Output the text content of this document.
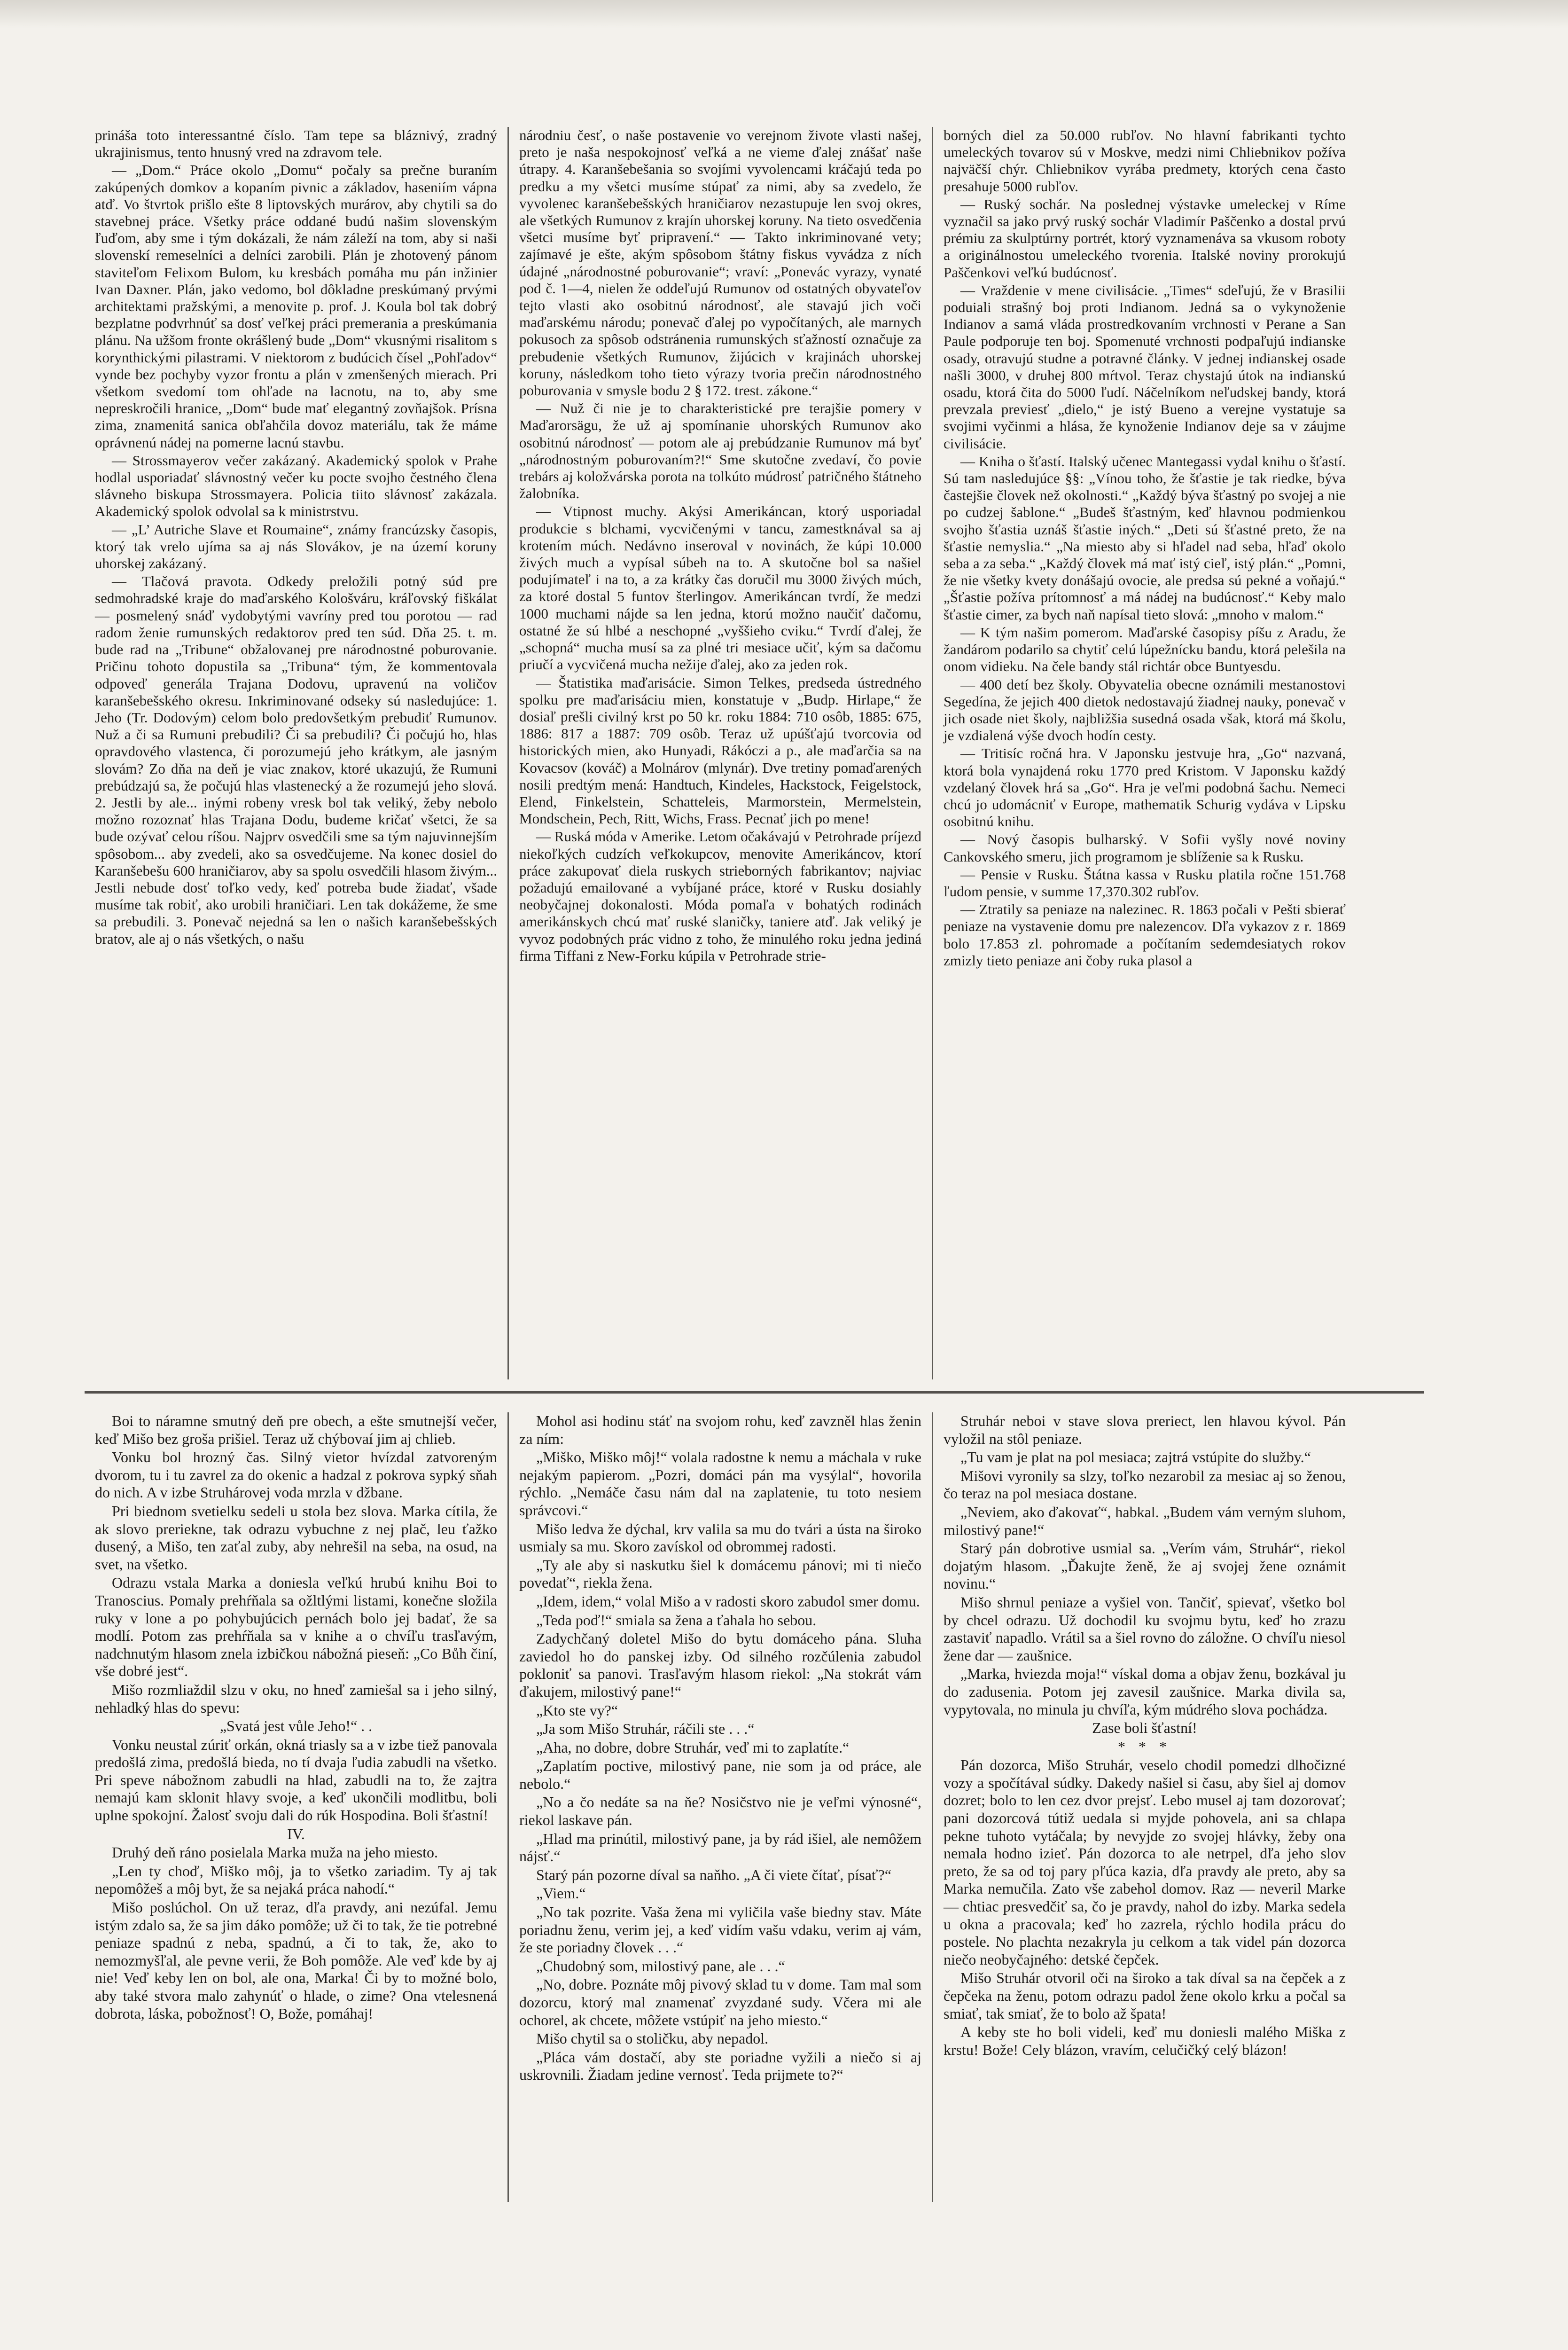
prináša toto interessantné číslo. Tam tepe sa bláznivý, zradný ukrajinismus, tento hnusný vred na zdravom tele.

— „Dom.“ Práce okolo „Domu“ počaly sa prečne buraním zakúpených domkov a kopaním pivnic a základov, haseniím vápna atď. Vo štvrtok prišlo ešte 8 liptovských murárov, aby chytili sa do stavebnej práce. Všetky práce oddané budú našim slovenským ľuďom, aby sme i tým dokázali, že nám záleží na tom, aby si naši slovenskí remeselníci a delníci zarobili. Plán je zhotovený pánom staviteľom Felixom Bulom, ku kresbách pomáha mu pán inžinier Ivan Daxner. Plán, jako vedomo, bol dôkladne preskúmaný prvými architektami pražskými, a menovite p. prof. J. Koula bol tak dobrý bezplatne podvrhnúť sa dosť veľkej práci premerania a preskúmania plánu. Na užšom fronte okrášlený bude „Dom“ vkusnými risalitom s korynthickými pilastrami. V niektorom z budúcich čísel „Pohľadov“ vynde bez pochyby vyzor frontu a plán v zmenšených mierach. Pri všetkom svedomí tom ohľade na lacnotu, na to, aby sme nepreskročili hranice, „Dom“ bude mať elegantný zovňajšok. Prísna zima, znamenitá sanica obľahčila dovoz materiálu, tak že máme oprávnenú nádej na pomerne lacnú stavbu.

— Strossmayerov večer zakázaný. Akademický spolok v Prahe hodlal usporiadať slávnostný večer ku pocte svojho čestného člena slávneho biskupa Strossmayera. Policia tiito slávnosť zakázala. Akademický spolok odvolal sa k ministrstvu.

— „L’ Autriche Slave et Roumaine“, známy francúzsky časopis, ktorý tak vrelo ujíma sa aj nás Slovákov, je na území koruny uhorskej zakázaný.

— Tlačová pravota. Odkedy preložili potný súd pre sedmohradské kraje do maďarského Kološváru, kráľovský fiškálat — posmelený snáď vydobytými vavríny pred tou porotou — rad radom ženie rumunských redaktorov pred ten súd. Dňa 25. t. m. bude rad na „Tribune“ obžalovanej pre národnostné poburovanie. Pričinu tohoto dopustila sa „Tribuna“ tým, že kommentovala odpoveď generála Trajana Dodovu, upravenú na voličov karanšebešského okresu. Inkriminované odseky sú nasledujúce: 1. Jeho (Tr. Dodovým) celom bolo predovšetkým prebudiť Rumunov. Nuž a či sa Rumuni prebudili? Či sa prebudili? Či počujú ho, hlas opravdového vlastenca, či porozumejú jeho krátkym, ale jasným slovám? Zo dňa na deň je viac znakov, ktoré ukazujú, že Rumuni prebúdzajú sa, že počujú hlas vlastenecký a že rozumejú jeho slová. 2. Jestli by ale... inými robeny vresk bol tak veliký, žeby nebolo možno rozoznať hlas Trajana Dodu, budeme kričať všetci, že sa bude ozývať celou ríšou. Najprv osvedčili sme sa tým najuvinnejším spôsobom... aby zvedeli, ako sa osvedčujeme. Na konec dosiel do Karanšebešu 600 hraničiarov, aby sa spolu osvedčili hlasom živým... Jestli nebude dosť toľko vedy, keď potreba bude žiadať, všade musíme tak robiť, ako urobili hraničiari. Len tak dokážeme, že sme sa prebudili. 3. Ponevač nejedná sa len o našich karanšebešských bratov, ale aj o nás všetkých, o našu

národniu česť, o naše postavenie vo verejnom živote vlasti našej, preto je naša nespokojnosť veľká a ne vieme ďalej znášať naše útrapy. 4. Karanšebešania so svojími vyvolencami kráčajú teda po predku a my všetci musíme stúpať za nimi, aby sa zvedelo, že vyvolenec karanšebešských hraničiarov nezastupuje len svoj okres, ale všetkých Rumunov z krajín uhorskej koruny. Na tieto osvedčenia všetci musíme byť pripravení.“ — Takto inkriminované vety; zajímavé je ešte, akým spôsobom štátny fiskus vyvádza z ních údajné „národnostné poburovanie“; vraví: „Ponevác vyrazy, vynaté pod č. 1—4, nielen že oddeľujú Rumunov od ostatných obyvateľov tejto vlasti ako osobitnú národnosť, ale stavajú jich voči maďarskému národu; ponevač ďalej po vypočítaných, ale marnych pokusoch za spôsob odstránenia rumunských sťažností označuje za prebudenie všetkých Rumunov, žijúcich v krajinách uhorskej koruny, následkom toho tieto výrazy tvoria prečin národnostného poburovania v smysle bodu 2 § 172. trest. zákone.“

— Nuž či nie je to charakteristické pre terajšie pomery v Maďarorsägu, že už aj spomínanie uhorských Rumunov ako osobitnú národnosť — potom ale aj prebúdzanie Rumunov má byť „národnostným poburovaním?!“ Sme skutočne zvedaví, čo povie trebárs aj koložvárska porota na tolkúto múdrosť patričného štátneho žalobníka.

— Vtipnost muchy. Akýsi Amerikáncan, ktorý usporiadal produkcie s blchami, vycvičenými v tancu, zamestknával sa aj krotením múch. Nedávno inseroval v novinách, že kúpi 10.000 živých much a vypísal súbeh na to. A skutočne bol sa našiel podujímateľ i na to, a za krátky čas doručil mu 3000 živých múch, za ktoré dostal 5 funtov šterlingov. Amerikáncan tvrdí, že medzi 1000 muchami nájde sa len jedna, ktorú možno naučiť dačomu, ostatné že sú hlbé a neschopné „vyššieho cviku.“ Tvrdí ďalej, že „schopná“ mucha musí sa za plné tri mesiace učiť, kým sa dačomu priučí a vycvičená mucha nežije ďalej, ako za jeden rok.

— Štatistika maďarisácie. Simon Telkes, predseda ústredného spolku pre maďarisáciu mien, konstatuje v „Budp. Hirlape,“ že dosiaľ prešli civilný krst po 50 kr. roku 1884: 710 osôb, 1885: 675, 1886: 817 a 1887: 709 osôb. Teraz už upúšťajú tvorcovia od historických mien, ako Hunyadi, Rákóczi a p., ale maďarčia sa na Kovacsov (kováč) a Molnárov (mlynár). Dve tretiny pomaďarených nosili predtým mená: Handtuch, Kindeles, Hackstock, Feigelstock, Elend, Finkelstein, Schatteleis, Marmorstein, Mermelstein, Mondschein, Pech, Ritt, Wichs, Frass. Pecnať jich po mene!

— Ruská móda v Amerike. Letom očakávajú v Petrohrade príjezd niekoľkých cudzích veľkokupcov, menovite Amerikáncov, ktorí práce zakupovať diela ruskych strieborných fabrikantov; najviac požadujú emailované a vybíjané práce, ktoré v Rusku dosiahly neobyčajnej dokonalosti. Móda pomaľa v bohatých rodinách amerikánskych chcú mať ruské slaničky, taniere atď. Jak veliký je vyvoz podobných prác vidno z toho, že minulého roku jedna jediná firma Tiffani z New-Forku kúpila v Petrohrade strie-

borných diel za 50.000 rubľov. No hlavní fabrikanti tychto umeleckých tovarov sú v Moskve, medzi nimi Chliebnikov požíva najväčší chýr. Chliebnikov vyrába predmety, ktorých cena často presahuje 5000 rubľov.

— Ruský sochár. Na poslednej výstavke umeleckej v Ríme vyznačil sa jako prvý ruský sochár Vladimír Paščenko a dostal prvú prémiu za skulptúrny portrét, ktorý vyznamenáva sa vkusom roboty a originálnostou umeleckého tvorenia. Italské noviny prorokujú Paščenkovi veľkú budúcnosť.

— Vraždenie v mene civilisácie. „Times“ sdeľujú, že v Brasilii poduiali strašný boj proti Indianom. Jedná sa o vykynoženie Indianov a samá vláda prostredkovaním vrchnosti v Perane a San Paule podporuje ten boj. Spomenuté vrchnosti podpaľujú indianske osady, otravujú studne a potravné články. V jednej indianskej osade našli 3000, v druhej 800 mŕtvol. Teraz chystajú útok na indianskú osadu, ktorá čita do 5000 ľudí. Náčelníkom neľudskej bandy, ktorá prevzala previesť „dielo,“ je istý Bueno a verejne vystatuje sa svojimi vyčinmi a hlása, že kynoženie Indianov deje sa v záujme civilisácie.

— Kniha o šťastí. Italský učenec Mantegassi vydal knihu o šťastí. Sú tam nasledujúce §§: „Vínou toho, že šťastie je tak riedke, býva častejšie človek než okolnosti.“ „Každý býva šťastný po svojej a nie po cudzej šablone.“ „Budeš šťastným, keď hlavnou podmienkou svojho šťastia uznáš šťastie iných.“ „Deti sú šťastné preto, že na šťastie nemyslia.“ „Na miesto aby si hľadel nad seba, hľaď okolo seba a za seba.“ „Každý človek má mať istý cieľ, istý plán.“ „Pomni, že nie všetky kvety donášajú ovocie, ale predsa sú pekné a voňajú.“ „Šťastie požíva prítomnosť a má nádej na budúcnosť.“ Keby malo šťastie cimer, za bych naň napísal tieto slová: „mnoho v malom.“

— K tým našim pomerom. Maďarské časopisy píšu z Aradu, že žandárom podarilo sa chytiť celú lúpežnícku bandu, ktorá pelešila na onom vidieku. Na čele bandy stál richtár obce Buntyesdu.

— 400 detí bez školy. Obyvatelia obecne oznámili mestanostovi Segedína, že jejich 400 dietok nedostavajú žiadnej nauky, ponevač v jich osade niet školy, najbližšia susedná osada však, ktorá má školu, je vzdialená výše dvoch hodín cesty.

— Tritisíc ročná hra. V Japonsku jestvuje hra, „Go“ nazvaná, ktorá bola vynajdená roku 1770 pred Kristom. V Japonsku každý vzdelaný človek hrá sa „Go“. Hra je veľmi podobná šachu. Nemeci chcú jo udomácniť v Europe, mathematik Schurig vydáva v Lipsku osobitnú knihu.

— Nový časopis bulharský. V Sofii vyšly nové noviny Cankovského smeru, jich programom je sblíženie sa k Rusku.

— Pensie v Rusku. Štátna kassa v Rusku platila ročne 151.768 ľudom pensie, v summe 17,370.302 rubľov.

— Ztratily sa peniaze na nalezinec. R. 1863 počali v Pešti sbierať peniaze na vystavenie domu pre nalezencov. Dľa vykazov z r. 1869 bolo 17.853 zl. pohromade a počítaním sedemdesiatych rokov zmizly tieto peniaze ani čoby ruka plasol a

Boi to náramne smutný deň pre obech, a ešte smutnejší večer, keď Mišo bez groša prišiel. Teraz už chýbovaí jim aj chlieb.

Vonku bol hrozný čas. Silný vietor hvízdal zatvoreným dvorom, tu i tu zavrel za do okenic a hadzal z pokrova sypký sňah do nich. A v izbe Struhárovej voda mrzla v džbane.

Pri biednom svetielku sedeli u stola bez slova. Marka cítila, že ak slovo prerieknе, tak odrazu vybuchne z nej plač, leu ťažko dusený, a Mišo, ten zaťal zuby, aby nehrešil na seba, na osud, na svet, na všetko.

Odrazu vstala Marka a doniesla veľkú hrubú knihu Boi to Tranoscius. Pomaly prehŕňala sa ožltlými listami, konečne složila ruky v lone a po pohybujúcich pernách bolo jej badať, že sa modlí. Potom zas prehŕňala sa v knihe a o chvíľu trasľavým, nadchnutým hlasom znela izbičkou nábožná pieseň: „Co Bůh činí, vše dobré jest“.

Mišo rozmliaždil slzu v oku, no hneď zamiešal sa i jeho silný, nehladký hlas do spevu:

„Svatá jest vůle Jeho!“ . .

Vonku neustal zúriť orkán, okná triasly sa a v izbe tiež panovala predošlá zima, predošlá bieda, no tí dvaja ľudia zabudli na všetko. Pri speve nábožnom zabudli na hlad, zabudli na to, že zajtra nemajú kam sklonit hlavy svoje, a keď ukončili modlitbu, boli uplne spokojní. Žalosť svoju dali do rúk Hospodina. Boli šťastní!

IV.

Druhý deň ráno posielala Marka muža na jeho miesto.

„Len ty choď, Miško môj, ja to všetko zariadim. Ty aj tak nepomôžeš a môj byt, že sa nejaká práca nahodí.“

Mišo poslúchol. On už teraz, dľa pravdy, ani nezúfal. Jemu istým zdalo sa, že sa jim dáko pomôže; už či to tak, že tie potrebné peniaze spadnú z neba, spadnú, a či to tak, že, ako to nemozmyšľal, ale pevne verii, že Boh pomôže. Ale veď kde by aj nie! Veď keby len on bol, ale ona, Marka! Či by to možné bolo, aby také stvora malo zahynúť o hlade, o zime? Ona vtelesnená dobrota, láska, pobožnosť! O, Bože, pomáhaj!

Mohol asi hodinu stáť na svojom rohu, keď zavzněl hlas ženin za ním:

„Miško, Miško môj!“ volala radostne k nemu a máchala v ruke nejakým papierom. „Pozri, domáci pán ma vysýlal“, hovorila rýchlo. „Nemáče času nám dal na zaplatenie, tu toto nesiem správcovi.“

Mišo ledva že dýchal, krv valila sa mu do tvári a ústa na široko usmialy sa mu. Skoro zavískol od obrommej radosti.

„Ty ale aby si naskutku šiel k domácemu pánovi; mi ti niečo povedať“, riekla žena.

„Idem, idem,“ volal Mišo a v radosti skoro zabudol smer domu.

„Teda poď!“ smiala sa žena a ťahala ho sebou.

Zadychčaný doletel Mišo do bytu domáceho pána. Sluha zaviedol ho do panskej izby. Od silného rozčúlenia zabudol pokloniť sa panovi. Trasľavým hlasom riekol: „Na stokrát vám ďakujem, milostivý pane!“

„Kto ste vy?“

„Ja som Mišo Struhár, ráčili ste . . .“

„Aha, no dobre, dobre Struhár, veď mi to zaplatíte.“

„Zaplatím poctive, milostivý pane, nie som ja od práce, ale nebolo.“

„No a čo nedáte sa na ňe? Nosičstvo nie je veľmi výnosné“, riekol laskave pán.

„Hlad ma prinútil, milostivý pane, ja by rád išiel, ale nemôžem nájsť.“

Starý pán pozorne díval sa naňho. „A či viete čítať, písať?“

„Viem.“

„No tak pozrite. Vaša žena mi vyličila vaše biedny stav. Máte poriadnu ženu, verim jej, a keď vidím vašu vdaku, verim aj vám, že ste poriadny človek . . .“

„Chudobný som, milostivý pane, ale . . .“

„No, dobre. Poznáte môj pivový sklad tu v dome. Tam mal som dozorcu, ktorý mal znamenať zvyzdané sudy. Včera mi ale ochorel, ak chcete, môžete vstúpiť na jeho miesto.“

Mišo chytil sa o stoličku, aby nepadol.

„Pláca vám dostačí, aby ste poriadne vyžili a niečo si aj uskrovnili. Žiadam jedine vernosť. Teda prijmete to?“

Struhár neboi v stave slova preriect, len hlavou kývol. Pán vyložil na stôl peniaze.

„Tu vam je plat na pol mesiaca; zajtrá vstúpite do služby.“

Mišovi vyronily sa slzy, toľko nezarobil za mesiac aj so ženou, čo teraz na pol mesiaca dostane.

„Neviem, ako ďakovať“, habkal. „Budem vám verným sluhom, milostivý pane!“

Starý pán dobrotive usmial sa. „Verím vám, Struhár“, riekol dojatým hlasom. „Ďakujte ženě, že aj svojej žene oznámit novinu.“

Mišo shrnul peniaze a vyšiel von. Tančiť, spievať, všetko bol by chcel odrazu. Už dochodil ku svojmu bytu, keď ho zrazu zastaviť napadlo. Vrátil sa a šiel rovno do záložne. O chvíľu niesol žene dar — zaušnice.

„Marka, hviezda moja!“ vískal doma a objav ženu, bozkával ju do zadusenia. Potom jej zavesil zaušnice. Marka divila sa, vypytovala, no minula ju chvíľa, kým múdrého slova pochádza.

Zase boli šťastní!

* * *

Pán dozorca, Mišo Struhár, veselo chodil pomedzi dlhočizné vozy a spočítával súdky. Dakedy našiel si času, aby šiel aj domov dozret; bolo to len cez dvor prejsť. Lebo musel aj tam dozorovať; pani dozorcová tútiž uedala si myjde pohovela, ani sa chlapa pekne tuhoto vytáčala; by nevyjde zo svojej hlávky, žeby ona nemala hodno izieť. Pán dozorca to ale netrpel, dľa jeho slov preto, že sa od toj pary pľúca kazia, dľa pravdy ale preto, aby sa Marka nemučila. Zato vše zabehol domov. Raz — neveril Marke — chtiac presvedčiť sa, čo je pravdy, nahol do izby. Marka sedela u okna a pracovala; keď ho zazrela, rýchlo hodila prácu do postele. No plachta nezakryla ju celkom a tak videl pán dozorca niečo neobyčajného: detské čepček.

Mišo Struhár otvoril oči na široko a tak díval sa na čepček a z čepčeka na ženu, potom odrazu padol žene okolo krku a počal sa smiať, tak smiať, že to bolo až špata!

A keby ste ho boli videli, keď mu doniesli malého Miška z krstu! Bože! Cely blázon, vravím, celučičký celý blázon!
